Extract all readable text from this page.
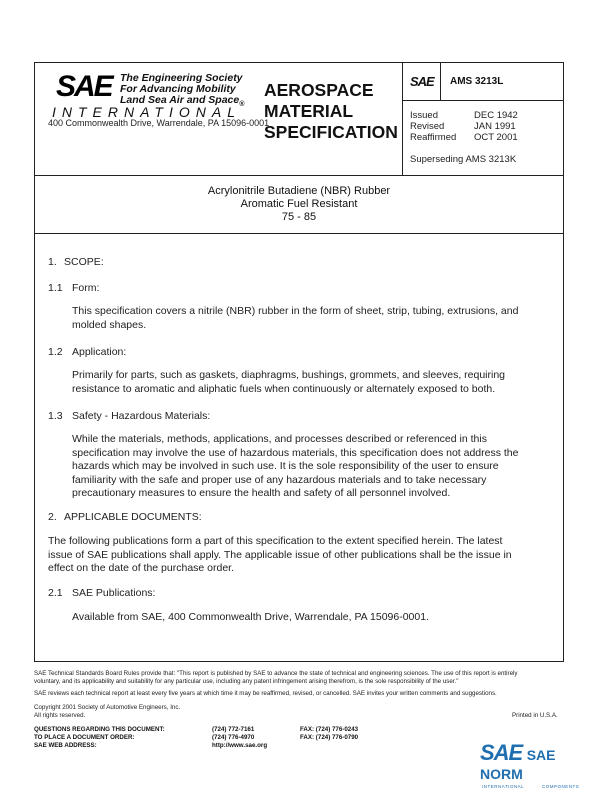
SAE The Engineering Society
For Advancing Mobility
Land Sea Air and Space$_®$
INTERNATIONAL
400 Commonwealth Drive, Warrendale, PA 15096-0001
AEROSPACE
MATERIAL
SPECIFICATION
SAE AMS 3213L
Issued	DEC 1942
Revised	JAN 1991
Reaffirmed OCT 2001
Superseding AMS 3213K
Acrylonitrile Butadiene (NBR) Rubber
Aromatic Fuel Resistant
75 - 85
1. SCOPE:
1.1 Form:
This specification covers a nitrile (NBR) rubber in the form of sheet, strip, tubing, extrusions, and
molded shapes.
1.2 Application:
Primarily for parts, such as gaskets, diaphragms, bushings, grommets, and sleeves, requiring
resistance to aromatic and aliphatic fuels when continuously or alternately exposed to both.
1.3 Safety - Hazardous Materials:
While the materials, methods, applications, and processes described or referenced in this
specification may involve the use of hazardous materials, this specification does not address the
hazards which may be involved in such use. It is the sole responsibility of the user to ensure
familiarity with the safe and proper use of any hazardous materials and to take necessary
precautionary measures to ensure the health and safety of all personnel involved.
2. APPLICABLE DOCUMENTS:
The following publications form a part of this specification to the extent specified herein. The latest
issue of SAE publications shall apply. The applicable issue of other publications shall be the issue in
effect on the date of the purchase order.
2.1 SAE Publications:
Available from SAE, 400 Commonwealth Drive, Warrendale, PA 15096-0001.
SAE Technical Standards Board Rules provide that: "This report is published by SAE to advance the state of technical and engineering sciences. The use of this report is entirely
voluntary, and its applicability and suitability for any particular use, including any patent infringement arising therefrom, is the sole responsibility of the user."
SAE reviews each technical report at least every five years at which time it may be reaffirmed, revised, or cancelled. SAE invites your written comments and suggestions.
Copyright 2001 Society of Automotive Engineers, Inc.
All rights reserved.	Printed in U.S.A.
QUESTIONS REGARDING THIS DOCUMENT:	(724) 772-7161	FAX: (724) 776-0243
TO PLACE A DOCUMENT ORDER:	(724) 776-4970	FAX: (724) 776-0790
SAE WEB ADDRESS:	http://www.sae.org	SAE SAE NORM
INTERNATIONAL	COMPONENTS
